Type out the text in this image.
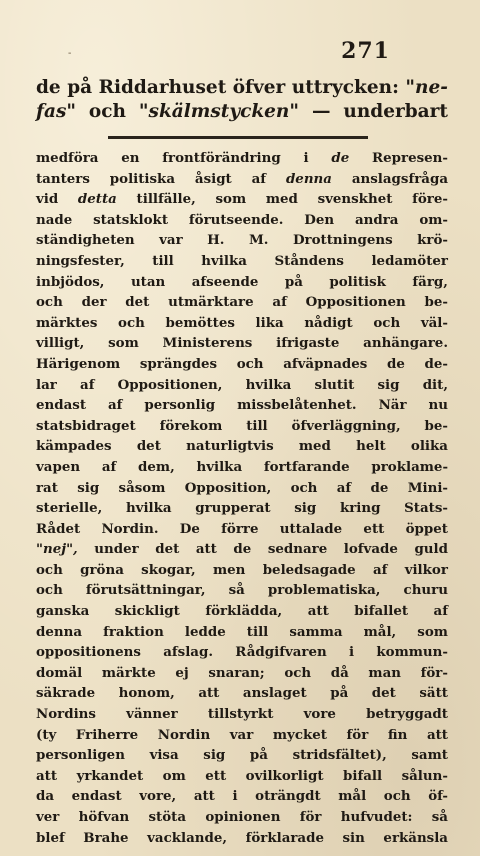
-	271
de på Riddarhuset öfver uttrycken: "ne-
fas" och "skälmstycken" — underbart
medföra en frontförändring i de Represen-
tanters politiska åsigt af denna anslagsfråga
vid detta tillfälle, som med svenskhet före-
nade statsklokt förutseende. Den andra om-
ständigheten var H. M. Drottningens krö-
ningsfester, till hvilka Ståndens ledamöter
inbjödos, utan afseende på politisk färg,
och der det utmärktare af Oppositionen be-
märktes och bemöttes lika nådigt och väl-
villigt, som Ministerens ifrigaste anhängare.
Härigenom sprängdes och afväpnades de de-
lar af Oppositionen, hvilka slutit sig dit,
endast af personlig missbelåtenhet. När nu
statsbidraget förekom till öfverläggning, be-
kämpades det naturligtvis med helt olika
vapen af dem, hvilka fortfarande proklame-
rat sig såsom Opposition, och af de Mini-
sterielle, hvilka grupperat sig kring Stats-
Rådet Nordin. De förre uttalade ett öppet
"nej", under det att de sednare lofvade guld
och gröna skogar, men beledsagade af vilkor
och förutsättningar, så problematiska, churu
ganska skickligt förklädda, att bifallet af
denna fraktion ledde till samma mål, som
oppositionens afslag. Rådgifvaren i kommun-
domäl märkte ej snaran; och då man för-
säkrade honom, att anslaget på det sätt
Nordins vänner tillstyrkt vore betryggadt
(ty Friherre Nordin var mycket för fin att
personligen visa sig på stridsfältet), samt
att yrkandet om ett ovilkorligt bifall sålun-
da endast vore, att i oträngdt mål och öf-
ver höfvan stöta opinionen för hufvudet: så
blef Brahe vacklande, förklarade sin erkänsla
